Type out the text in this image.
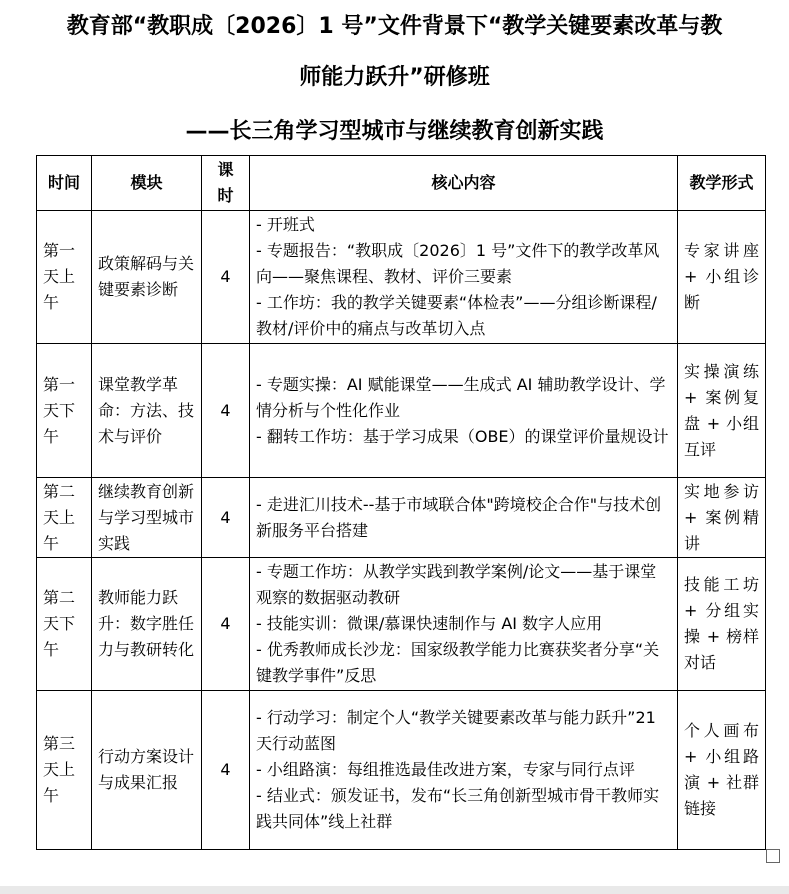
教育部“教职成〔2026〕1 号”文件背景下“教学关键要素改革与教
师能力跃升”研修班
——长三角学习型城市与继续教育创新实践
时间	模块	课时	核心内容	教学形式
第一天上午	政策解码与关键要素诊断	4	- 开班式
- 专题报告：“教职成〔2026〕1 号”文件下的教学改革风向——聚焦课程、教材、评价三要素
- 工作坊：我的教学关键要素“体检表”——分组诊断课程/教材/评价中的痛点与改革切入点	专家讲座 + 小组诊断
第一天下午	课堂教学革命：方法、技术与评价	4	- 专题实操：AI 赋能课堂——生成式 AI 辅助教学设计、学情分析与个性化作业
- 翻转工作坊：基于学习成果（OBE）的课堂评价量规设计	实操演练 + 案例复盘 + 小组互评
第二天上午	继续教育创新与学习型城市实践	4	- 走进汇川技术--基于市域联合体"跨境校企合作"与技术创新服务平台搭建	实地参访 + 案例精讲
第二天下午	教师能力跃升：数字胜任力与教研转化	4	- 专题工作坊：从教学实践到教学案例/论文——基于课堂观察的数据驱动教研
- 技能实训：微课/慕课快速制作与 AI 数字人应用
- 优秀教师成长沙龙：国家级教学能力比赛获奖者分享“关键教学事件”反思	技能工坊 + 分组实操 + 榜样对话
第三天上午	行动方案设计与成果汇报	4	- 行动学习：制定个人“教学关键要素改革与能力跃升”21 天行动蓝图
- 小组路演：每组推选最佳改进方案，专家与同行点评
- 结业式：颁发证书，发布“长三角创新型城市骨干教师实践共同体”线上社群	个人画布 + 小组路演 + 社群链接
